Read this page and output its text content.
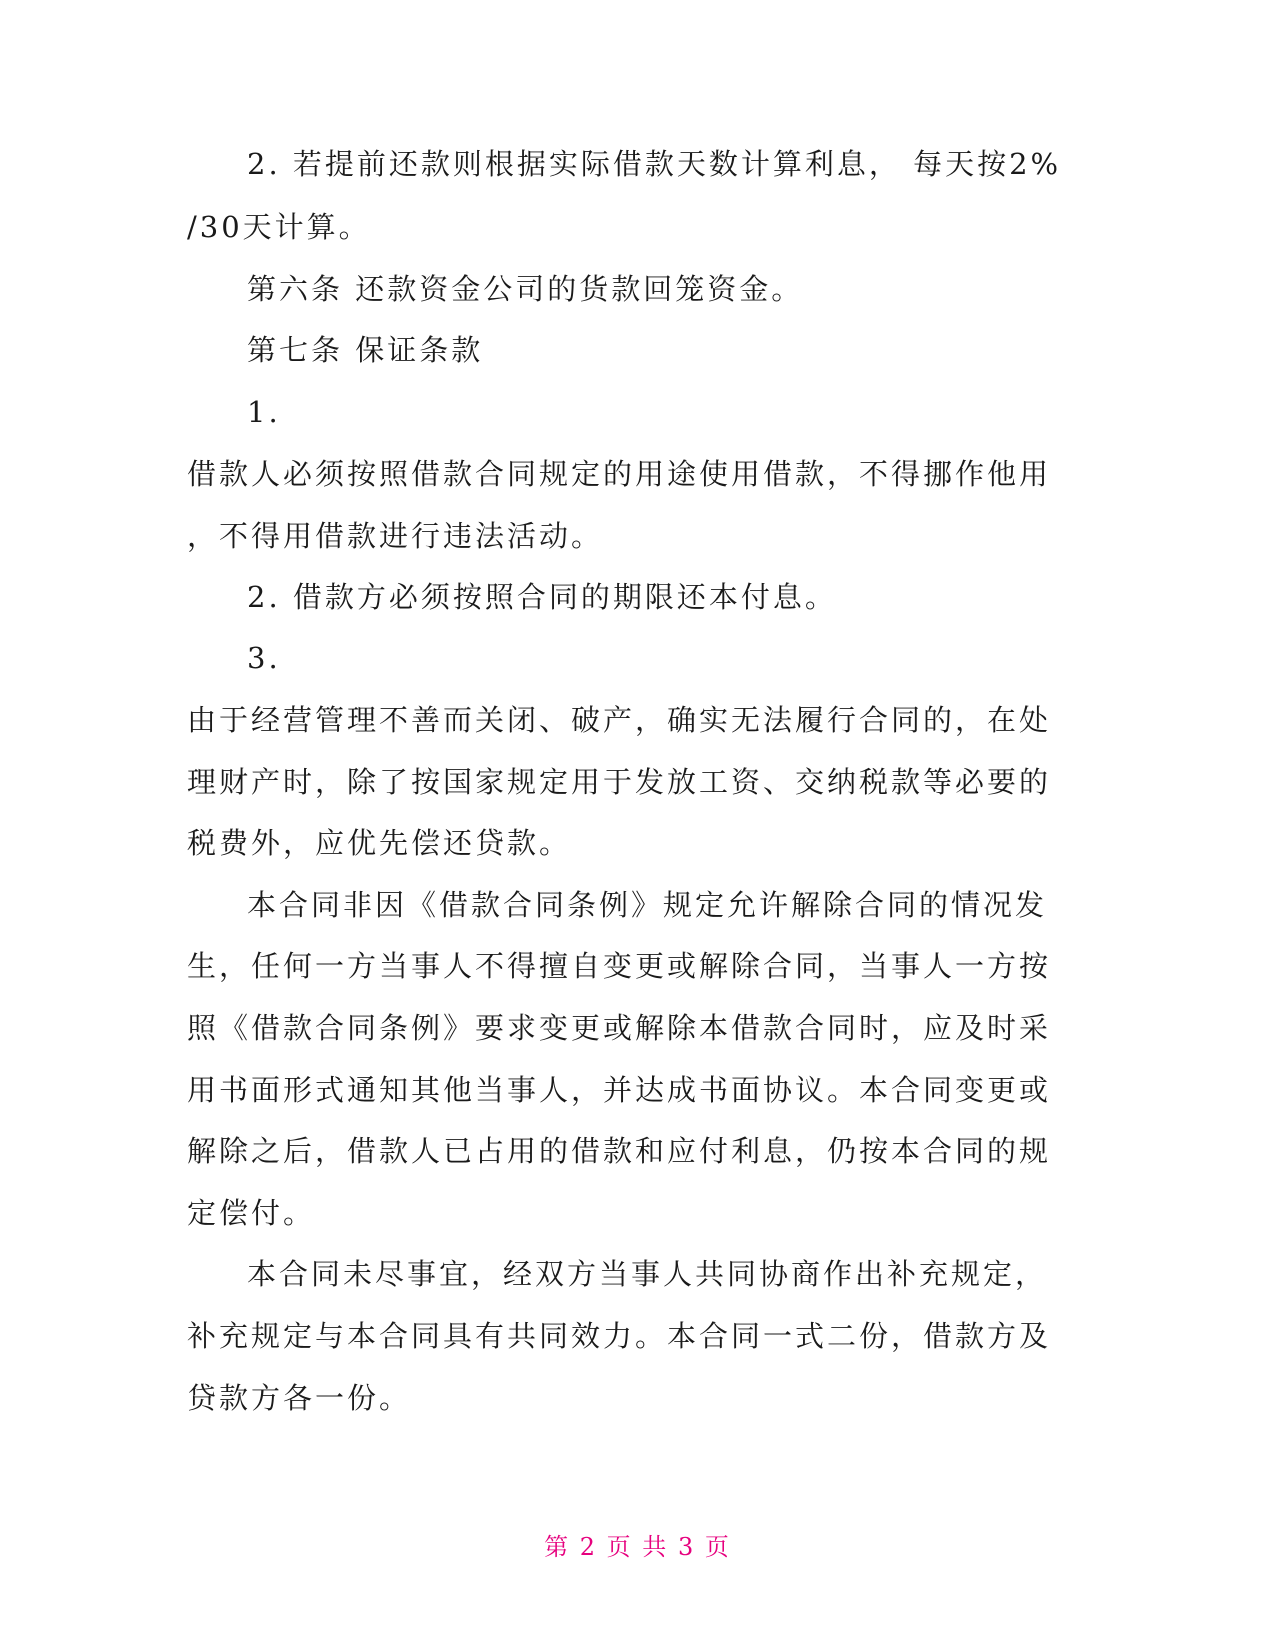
2. 若提前还款则根据实际借款天数计算利息， 每天按2%
/30天计算。
第六条 还款资金公司的货款回笼资金。
第七条 保证条款
1.
借款人必须按照借款合同规定的用途使用借款，不得挪作他用
，不得用借款进行违法活动。
2. 借款方必须按照合同的期限还本付息。
3.
由于经营管理不善而关闭、破产，确实无法履行合同的，在处
理财产时，除了按国家规定用于发放工资、交纳税款等必要的
税费外，应优先偿还贷款。
本合同非因《借款合同条例》规定允许解除合同的情况发
生，任何一方当事人不得擅自变更或解除合同，当事人一方按
照《借款合同条例》要求变更或解除本借款合同时，应及时采
用书面形式通知其他当事人，并达成书面协议。本合同变更或
解除之后，借款人已占用的借款和应付利息，仍按本合同的规
定偿付。
本合同未尽事宜，经双方当事人共同协商作出补充规定，
补充规定与本合同具有共同效力。本合同一式二份，借款方及
贷款方各一份。
第 2 页 共 3 页
